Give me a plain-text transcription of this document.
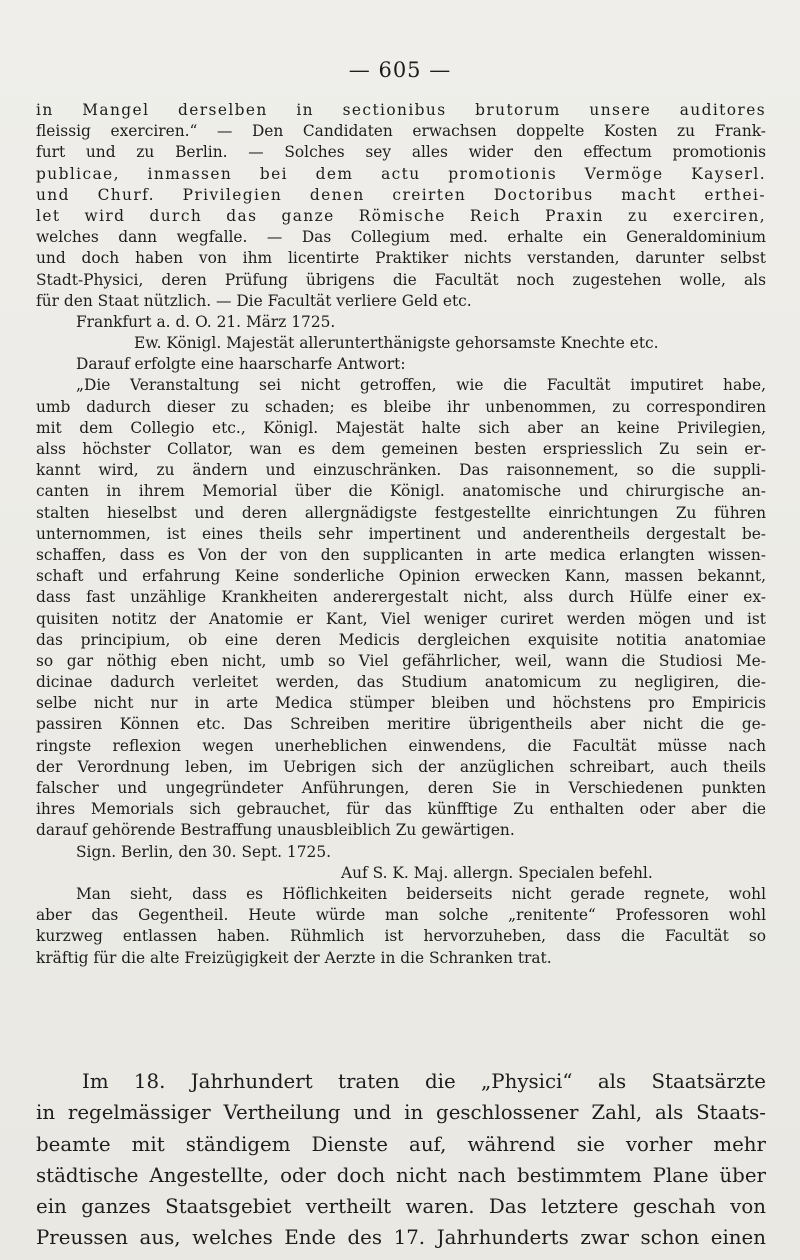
— 605 —
in Mangel derselben in sectionibus brutorum unsere auditores
fleissig exerciren.“ — Den Candidaten erwachsen doppelte Kosten zu Frank-
furt und zu Berlin. — Solches sey alles wider den effectum promotionis
publicae, inmassen bei dem actu promotionis Vermöge Kayserl.
und Churf. Privilegien denen creirten Doctoribus macht erthei-
let wird durch das ganze Römische Reich Praxin zu exerciren,
welches dann wegfalle. — Das Collegium med. erhalte ein Generaldominium
und doch haben von ihm licentirte Praktiker nichts verstanden, darunter selbst
Stadt-Physici, deren Prüfung übrigens die Facultät noch zugestehen wolle, als
für den Staat nützlich. — Die Facultät verliere Geld etc.
Frankfurt a. d. O. 21. März 1725.
Ew. Königl. Majestät allerunterthänigste gehorsamste Knechte etc.
Darauf erfolgte eine haarscharfe Antwort:
„Die Veranstaltung sei nicht getroffen, wie die Facultät imputiret habe,
umb dadurch dieser zu schaden; es bleibe ihr unbenommen, zu correspondiren
mit dem Collegio etc., Königl. Majestät halte sich aber an keine Privilegien,
alss höchster Collator, wan es dem gemeinen besten erspriesslich Zu sein er-
kannt wird, zu ändern und einzuschränken. Das raisonnement, so die suppli-
canten in ihrem Memorial über die Königl. anatomische und chirurgische an-
stalten hieselbst und deren allergnädigste festgestellte einrichtungen Zu führen
unternommen, ist eines theils sehr impertinent und anderentheils dergestalt be-
schaffen, dass es Von der von den supplicanten in arte medica erlangten wissen-
schaft und erfahrung Keine sonderliche Opinion erwecken Kann, massen bekannt,
dass fast unzählige Krankheiten anderergestalt nicht, alss durch Hülfe einer ex-
quisiten notitz der Anatomie er Kant, Viel weniger curiret werden mögen und ist
das principium, ob eine deren Medicis dergleichen exquisite notitia anatomiae
so gar nöthig eben nicht, umb so Viel gefährlicher, weil, wann die Studiosi Me-
dicinae dadurch verleitet werden, das Studium anatomicum zu negligiren, die-
selbe nicht nur in arte Medica stümper bleiben und höchstens pro Empiricis
passiren Können etc. Das Schreiben meritire übrigentheils aber nicht die ge-
ringste reflexion wegen unerheblichen einwendens, die Facultät müsse nach
der Verordnung leben, im Uebrigen sich der anzüglichen schreibart, auch theils
falscher und ungegründeter Anführungen, deren Sie in Verschiedenen punkten
ihres Memorials sich gebrauchet, für das künfftige Zu enthalten oder aber die
darauf gehörende Bestraffung unausbleiblich Zu gewärtigen.
Sign. Berlin, den 30. Sept. 1725.
Auf S. K. Maj. allergn. Specialen befehl.
Man sieht, dass es Höflichkeiten beiderseits nicht gerade regnete, wohl
aber das Gegentheil. Heute würde man solche „renitente“ Professoren wohl
kurzweg entlassen haben. Rühmlich ist hervorzuheben, dass die Facultät so
kräftig für die alte Freizügigkeit der Aerzte in die Schranken trat.
Im 18. Jahrhundert traten die „Physici“ als Staatsärzte
in regelmässiger Vertheilung und in geschlossener Zahl, als Staats-
beamte mit ständigem Dienste auf, während sie vorher mehr
städtische Angestellte, oder doch nicht nach bestimmtem Plane über
ein ganzes Staatsgebiet vertheilt waren. Das letztere geschah von
Preussen aus, welches Ende des 17. Jahrhunderts zwar schon einen
